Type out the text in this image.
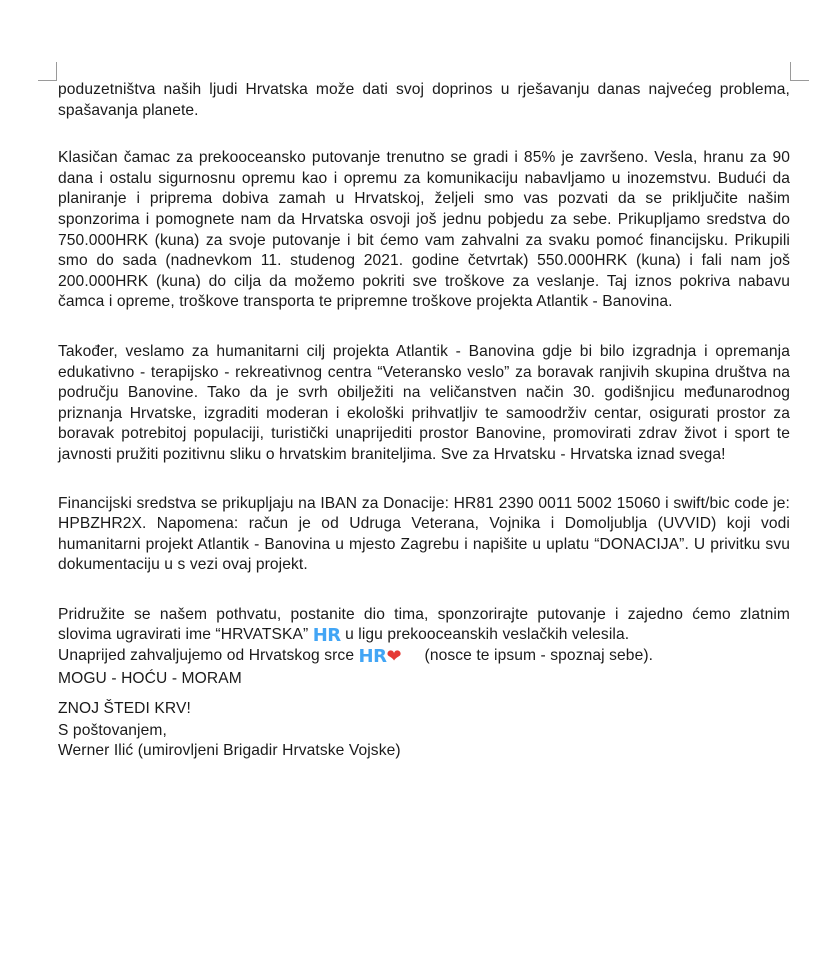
poduzetništva naših ljudi Hrvatska može dati svoj doprinos u rješavanju danas najvećeg problema, spašavanja planete.

Klasičan čamac za prekooceansko putovanje trenutno se gradi i 85% je završeno. Vesla, hranu za 90 dana i ostalu sigurnosnu opremu kao i opremu za komunikaciju nabavljamo u inozemstvu. Budući da planiranje i priprema dobiva zamah u Hrvatskoj, željeli smo vas pozvati da se priključite našim sponzorima i pomognete nam da Hrvatska osvoji još jednu pobjedu za sebe. Prikupljamo sredstva do 750.000HRK (kuna) za svoje putovanje i bit ćemo vam zahvalni za svaku pomoć financijsku. Prikupili smo do sada (nadnevkom 11. studenog 2021. godine četvrtak) 550.000HRK (kuna) i fali nam još 200.000HRK (kuna) do cilja da možemo pokriti sve troškove za veslanje. Taj iznos pokriva nabavu čamca i opreme, troškove transporta te pripremne troškove projekta Atlantik - Banovina.

Također, veslamo za humanitarni cilj projekta Atlantik - Banovina gdje bi bilo izgradnja i opremanja edukativno - terapijsko - rekreativnog centra “Veteransko veslo” za boravak ranjivih skupina društva na području Banovine. Tako da je svrh obilježiti na veličanstven način 30. godišnjicu međunarodnog priznanja Hrvatske, izgraditi moderan i ekološki prihvatljiv te samoodrživ centar, osigurati prostor za boravak potrebitoj populaciji, turistički unaprijediti prostor Banovine, promovirati zdrav život i sport te javnosti pružiti pozitivnu sliku o hrvatskim braniteljima. Sve za Hrvatsku - Hrvatska iznad svega!

Financijski sredstva se prikupljaju na IBAN za Donacije: HR81 2390 0011 5002 15060 i swift/bic code je: HPBZHR2X. Napomena: račun je od Udruga Veterana, Vojnika i Domoljublja (UVVID) koji vodi humanitarni projekt Atlantik - Banovina u mjesto Zagrebu i napišite u uplatu “DONACIJA”. U privitku svu dokumentaciju u s vezi ovaj projekt.

Pridružite se našem pothvatu, postanite dio tima, sponzorirajte putovanje i zajedno ćemo zlatnim slovima ugravirati ime “HRVATSKA” HR u ligu prekooceanskih veslačkih velesila.

Unaprijed zahvaljujemo od Hrvatskog srce HR❤ (nosce te ipsum - spoznaj sebe).

MOGU - HOĆU - MORAM

ZNOJ ŠTEDI KRV!

S poštovanjem,

Werner Ilić (umirovljeni Brigadir Hrvatske Vojske)
